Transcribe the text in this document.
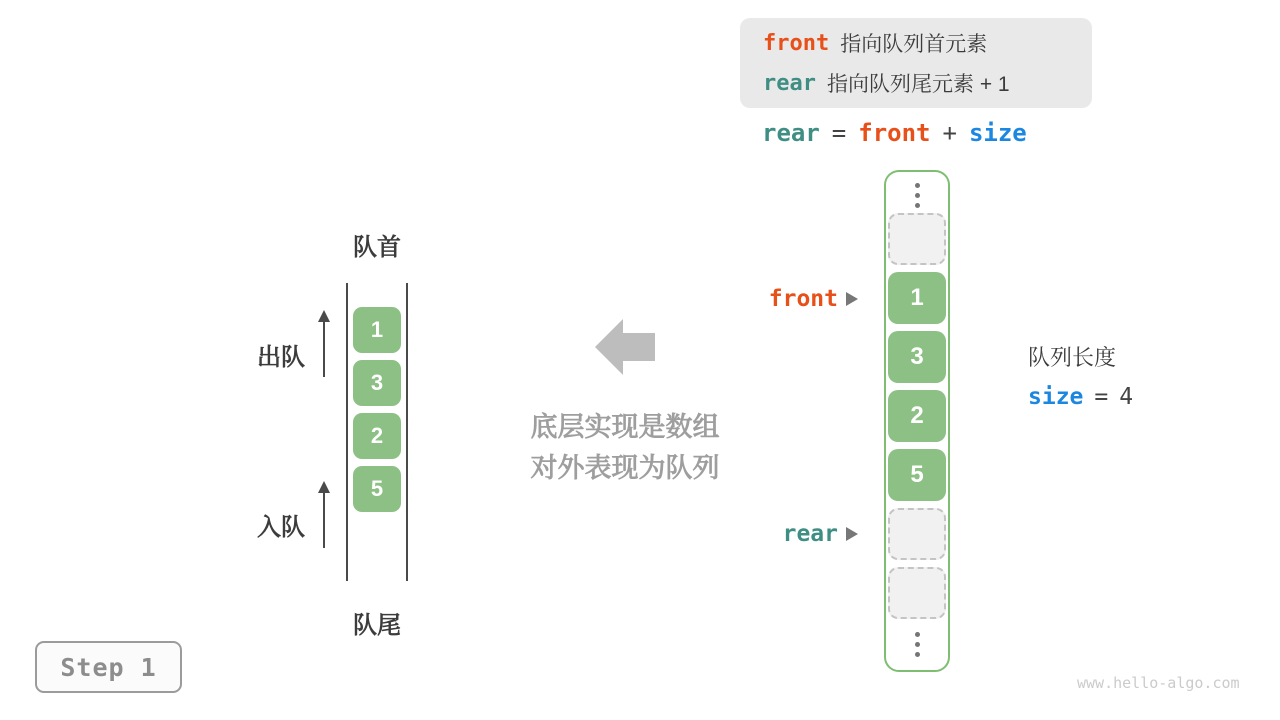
front 指向队列首元素
rear 指向队列尾元素 + 1
rear = front + size
1
3
2
5
front
rear
队列长度
size = 4
队首
1
3
2
5
队尾
出队
入队
底层实现是数组
对外表现为队列
Step 1
www.hello-algo.com
